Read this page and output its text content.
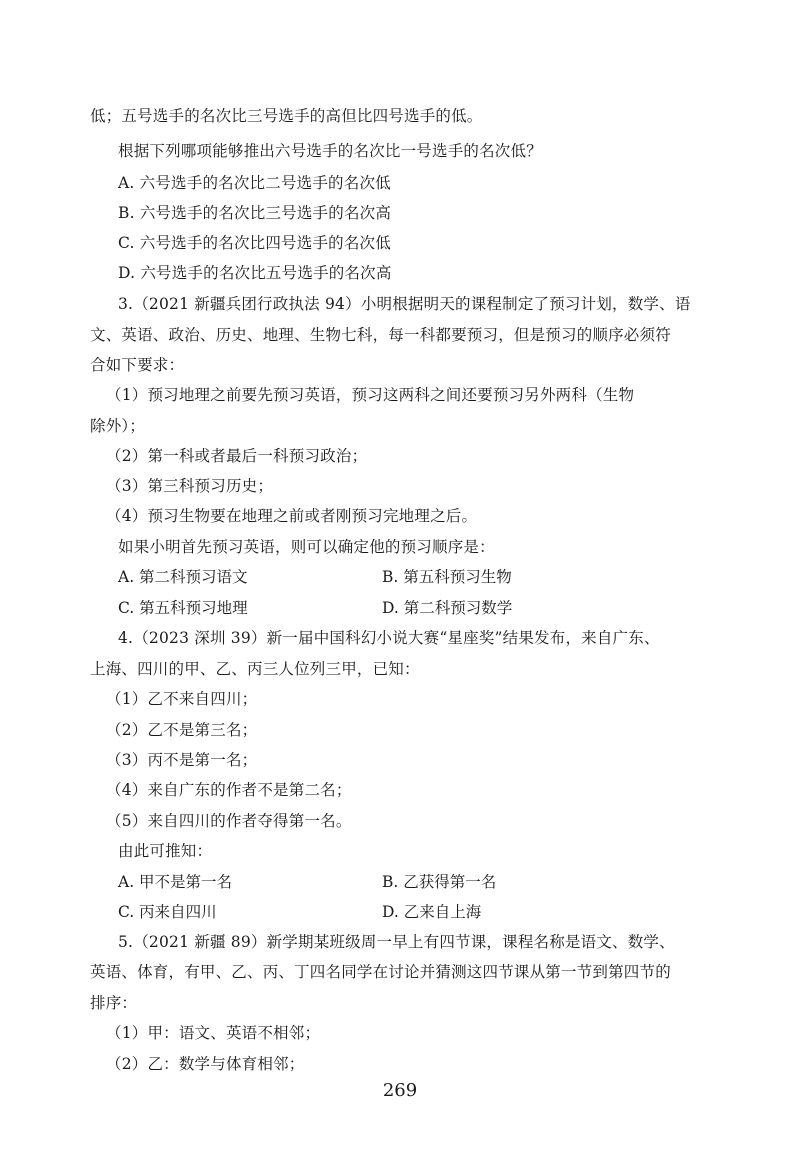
低；五号选手的名次比三号选手的高但比四号选手的低。
根据下列哪项能够推出六号选手的名次比一号选手的名次低？
A. 六号选手的名次比二号选手的名次低
B. 六号选手的名次比三号选手的名次高
C. 六号选手的名次比四号选手的名次低
D. 六号选手的名次比五号选手的名次高
3.（2021 新疆兵团行政执法 94）小明根据明天的课程制定了预习计划，数学、语
文、英语、政治、历史、地理、生物七科，每一科都要预习，但是预习的顺序必须符
合如下要求：
（1）预习地理之前要先预习英语，预习这两科之间还要预习另外两科（生物
除外）；
（2）第一科或者最后一科预习政治；
（3）第三科预习历史；
（4）预习生物要在地理之前或者刚预习完地理之后。
如果小明首先预习英语，则可以确定他的预习顺序是：
A. 第二科预习语文	B. 第五科预习生物
C. 第五科预习地理	D. 第二科预习数学
4.（2023 深圳 39）新一届中国科幻小说大赛“星座奖”结果发布，来自广东、
上海、四川的甲、乙、丙三人位列三甲，已知：
（1）乙不来自四川；
（2）乙不是第三名；
（3）丙不是第一名；
（4）来自广东的作者不是第二名；
（5）来自四川的作者夺得第一名。
由此可推知：
A. 甲不是第一名	B. 乙获得第一名
C. 丙来自四川	D. 乙来自上海
5.（2021 新疆 89）新学期某班级周一早上有四节课，课程名称是语文、数学、
英语、体育，有甲、乙、丙、丁四名同学在讨论并猜测这四节课从第一节到第四节的
排序：
（1）甲：语文、英语不相邻；
（2）乙：数学与体育相邻；
269
